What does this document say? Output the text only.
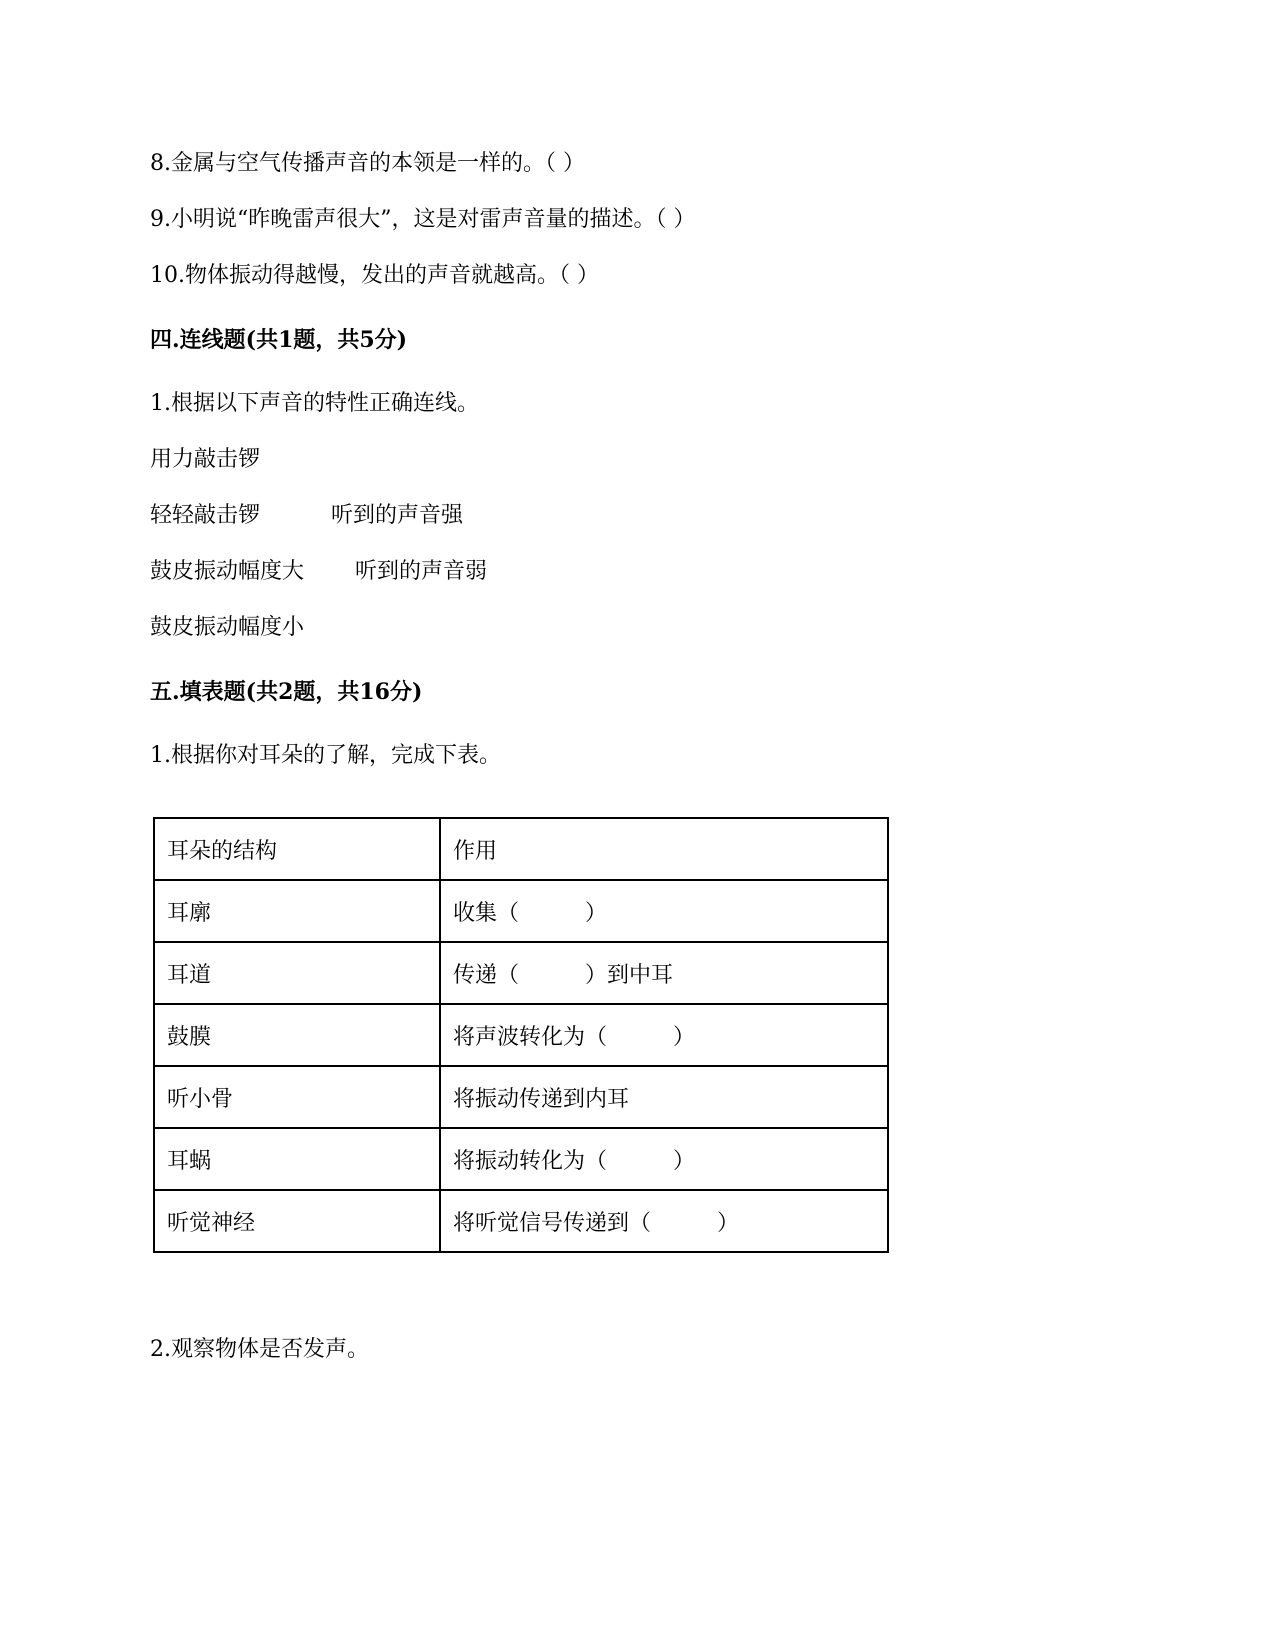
8.金属与空气传播声音的本领是一样的。（ ）
9.小明说“昨晚雷声很大”，这是对雷声音量的描述。（ ）
10.物体振动得越慢，发出的声音就越高。（ ）
四.连线题(共1题，共5分)
1.根据以下声音的特性正确连线。
用力敲击锣
轻轻敲击锣	听到的声音强
鼓皮振动幅度大 听到的声音弱
鼓皮振动幅度小
五.填表题(共2题，共16分)
1.根据你对耳朵的了解，完成下表。
耳朵的结构	作用
耳廓	收集（　　　）
耳道	传递（　　　）到中耳
鼓膜	将声波转化为（　　　）
听小骨	将振动传递到内耳
耳蜗	将振动转化为（　　　）
听觉神经	将听觉信号传递到（　　　）
2.观察物体是否发声。
